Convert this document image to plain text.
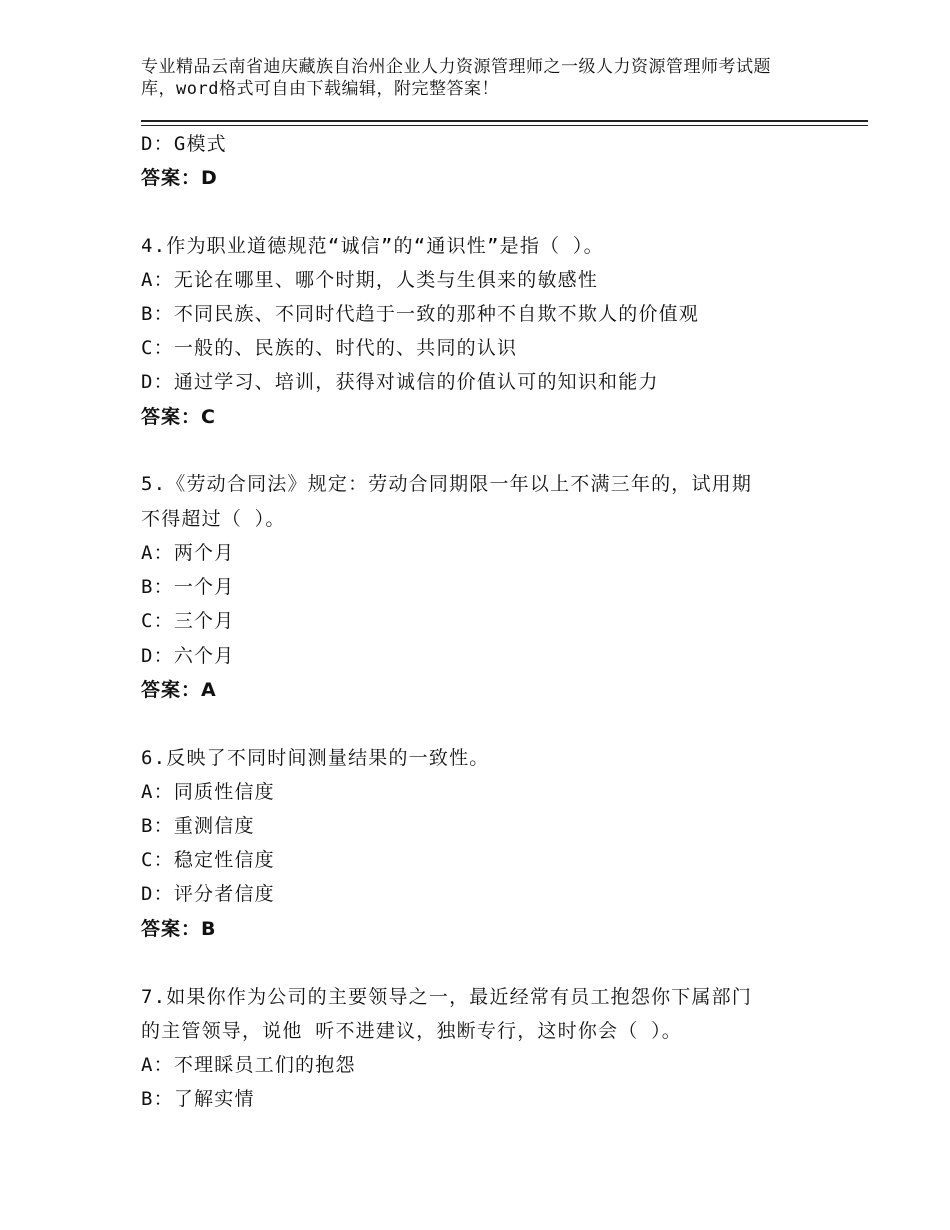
专业精品云南省迪庆藏族自治州企业人力资源管理师之一级人力资源管理师考试题
库，word格式可自由下载编辑，附完整答案！
D：G模式
答案：D
4.作为职业道德规范“诚信”的“通识性”是指（ ）。
A：无论在哪里、哪个时期，人类与生俱来的敏感性
B：不同民族、不同时代趋于一致的那种不自欺不欺人的价值观
C：一般的、民族的、时代的、共同的认识
D：通过学习、培训，获得对诚信的价值认可的知识和能力
答案：C
5.《劳动合同法》规定：劳动合同期限一年以上不满三年的，试用期
不得超过（ ）。
A：两个月
B：一个月
C：三个月
D：六个月
答案：A
6.反映了不同时间测量结果的一致性。
A：同质性信度
B：重测信度
C：稳定性信度
D：评分者信度
答案：B
7.如果你作为公司的主要领导之一，最近经常有员工抱怨你下属部门
的主管领导，说他 听不进建议，独断专行，这时你会（ ）。
A：不理睬员工们的抱怨
B：了解实情
